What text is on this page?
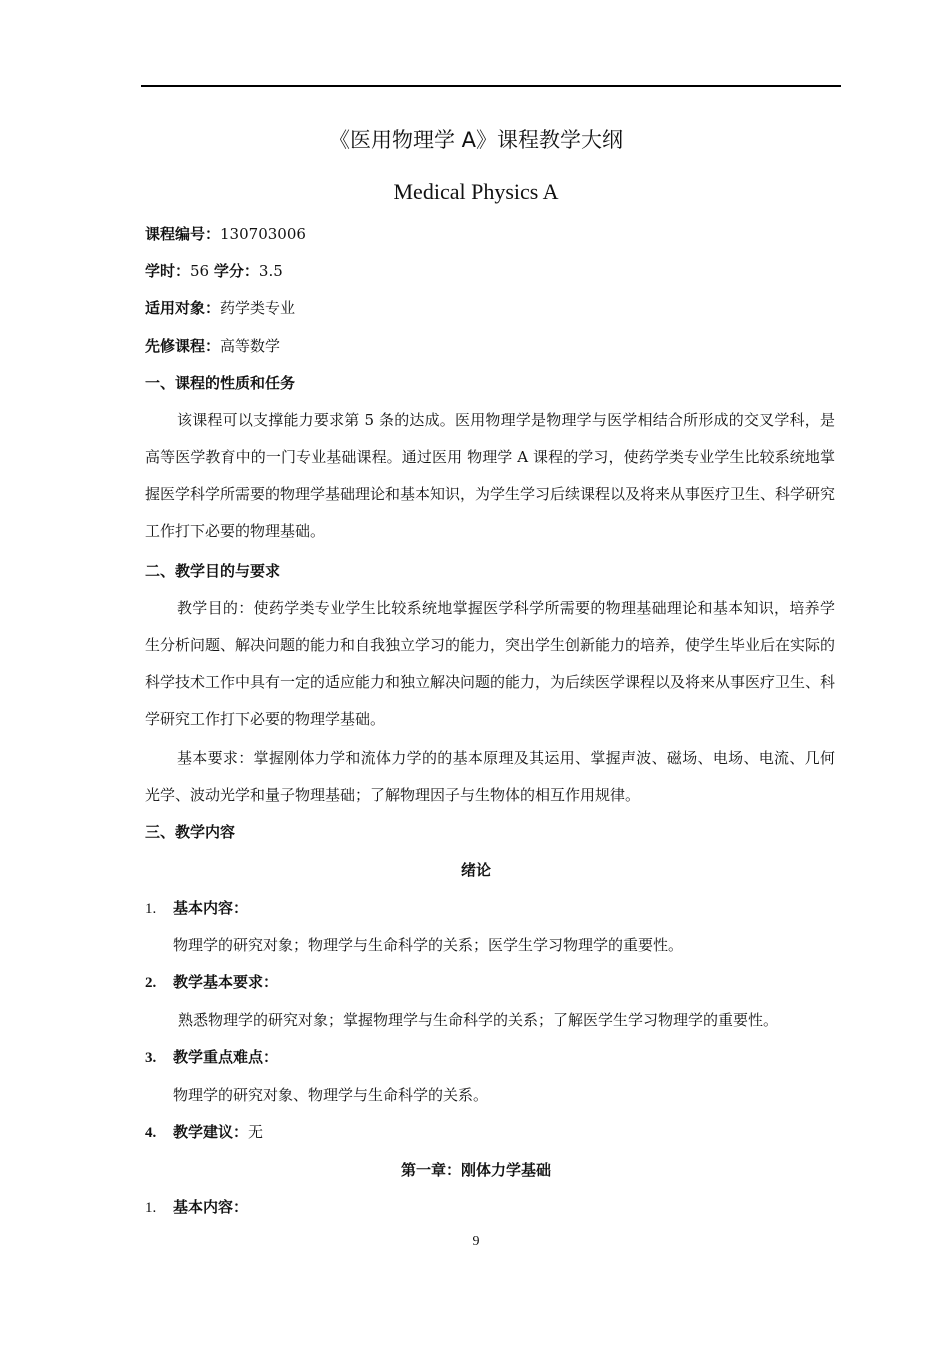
《医用物理学 A》课程教学大纲
Medical Physics A
课程编号：130703006
学时：56 学分：3.5
适用对象：药学类专业
先修课程：高等数学
一、课程的性质和任务

该课程可以支撑能力要求第 5 条的达成。医用物理学是物理学与医学相结合所形成的交叉学科，是高等医学教育中的一门专业基础课程。通过医用 物理学 A 课程的学习，使药学类专业学生比较系统地掌握医学科学所需要的物理学基础理论和基本知识，为学生学习后续课程以及将来从事医疗卫生、科学研究工作打下必要的物理基础。

二、教学目的与要求

教学目的：使药学类专业学生比较系统地掌握医学科学所需要的物理基础理论和基本知识，培养学生分析问题、解决问题的能力和自我独立学习的能力，突出学生创新能力的培养，使学生毕业后在实际的科学技术工作中具有一定的适应能力和独立解决问题的能力，为后续医学课程以及将来从事医疗卫生、科学研究工作打下必要的物理学基础。

基本要求：掌握刚体力学和流体力学的的基本原理及其运用、掌握声波、磁场、电场、电流、几何光学、波动光学和量子物理基础；了解物理因子与生物体的相互作用规律。

三、教学内容
绪论
1. 基本内容：
物理学的研究对象；物理学与生命科学的关系；医学生学习物理学的重要性。
2. 教学基本要求：
熟悉物理学的研究对象；掌握物理学与生命科学的关系；了解医学生学习物理学的重要性。
3. 教学重点难点：
物理学的研究对象、物理学与生命科学的关系。
4. 教学建议：无
第一章：刚体力学基础
1. 基本内容：
9
